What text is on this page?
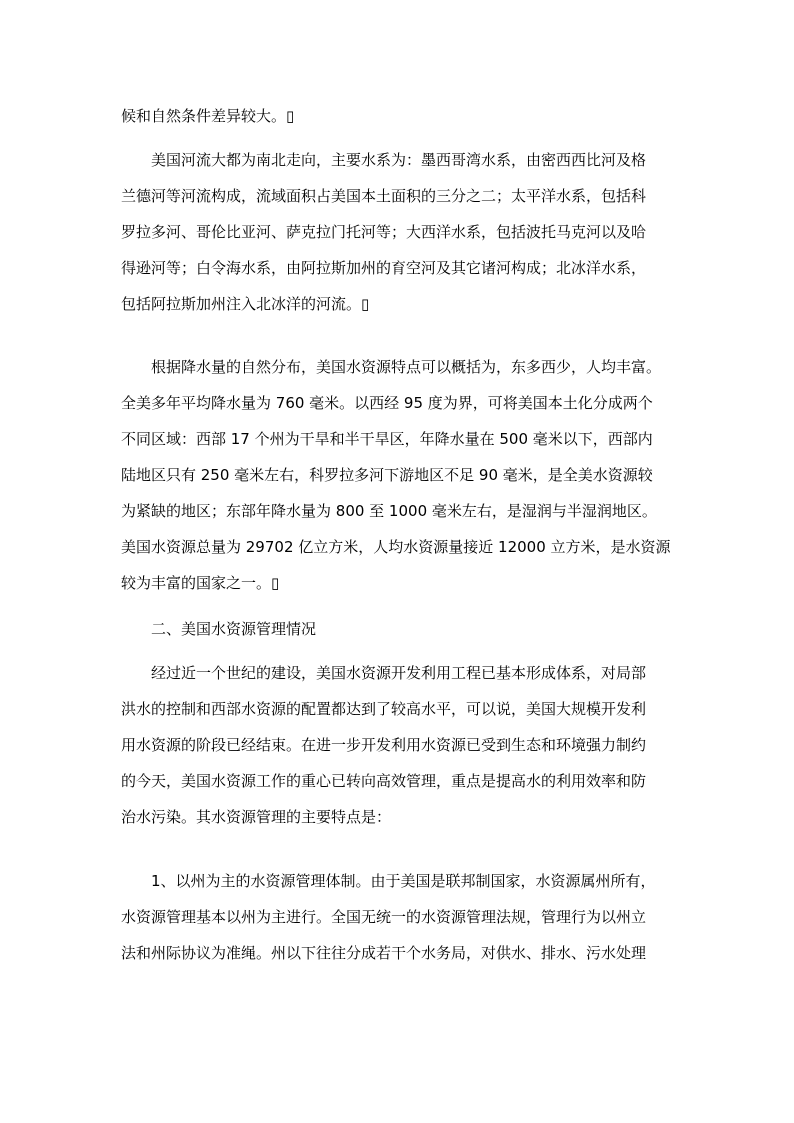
候和自然条件差异较大。▯
美国河流大都为南北走向，主要水系为：墨西哥湾水系，由密西西比河及格
兰德河等河流构成，流域面积占美国本土面积的三分之二；太平洋水系，包括科
罗拉多河、哥伦比亚河、萨克拉门托河等；大西洋水系，包括波托马克河以及哈
得逊河等；白令海水系，由阿拉斯加州的育空河及其它诸河构成；北冰洋水系，
包括阿拉斯加州注入北冰洋的河流。▯
根据降水量的自然分布，美国水资源特点可以概括为，东多西少，人均丰富。
全美多年平均降水量为 760 毫米。以西经 95 度为界，可将美国本土化分成两个
不同区域：西部 17 个州为干旱和半干旱区，年降水量在 500 毫米以下，西部内
陆地区只有 250 毫米左右，科罗拉多河下游地区不足 90 毫米，是全美水资源较
为紧缺的地区；东部年降水量为 800 至 1000 毫米左右，是湿润与半湿润地区。
美国水资源总量为 29702 亿立方米，人均水资源量接近 12000 立方米，是水资源
较为丰富的国家之一。▯
二、美国水资源管理情况
经过近一个世纪的建设，美国水资源开发利用工程已基本形成体系，对局部
洪水的控制和西部水资源的配置都达到了较高水平，可以说，美国大规模开发利
用水资源的阶段已经结束。在进一步开发利用水资源已受到生态和环境强力制约
的今天，美国水资源工作的重心已转向高效管理，重点是提高水的利用效率和防
治水污染。其水资源管理的主要特点是：
1、以州为主的水资源管理体制。由于美国是联邦制国家，水资源属州所有，
水资源管理基本以州为主进行。全国无统一的水资源管理法规，管理行为以州立
法和州际协议为准绳。州以下往往分成若干个水务局，对供水、排水、污水处理
